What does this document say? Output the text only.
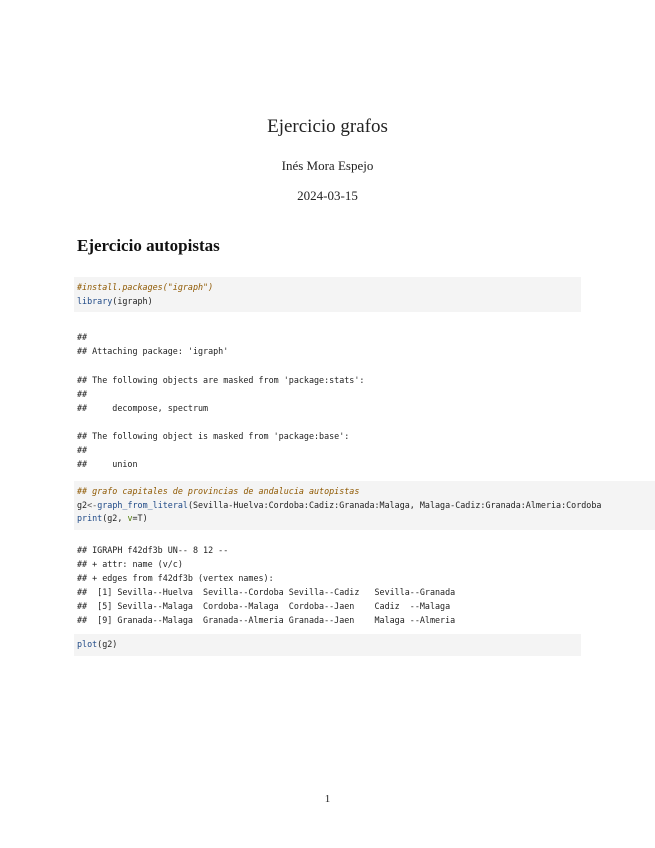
Ejercicio grafos
Inés Mora Espejo
2024-03-15
Ejercicio autopistas
#install.packages("igraph")
library(igraph)
##
## Attaching package: 'igraph'
## The following objects are masked from 'package:stats':
##
##     decompose, spectrum
## The following object is masked from 'package:base':
##
##     union
## grafo capitales de provincias de andalucia autopistas
g2<-graph_from_literal(Sevilla-Huelva:Cordoba:Cadiz:Granada:Malaga, Malaga-Cadiz:Granada:Almeria:Cordoba
print(g2, v=T)
## IGRAPH f42df3b UN-- 8 12 --
## + attr: name (v/c)
## + edges from f42df3b (vertex names):
##  [1] Sevilla--Huelva  Sevilla--Cordoba Sevilla--Cadiz   Sevilla--Granada
##  [5] Sevilla--Malaga  Cordoba--Malaga  Cordoba--Jaen    Cadiz  --Malaga
##  [9] Granada--Malaga  Granada--Almeria Granada--Jaen    Malaga --Almeria
plot(g2)
1
